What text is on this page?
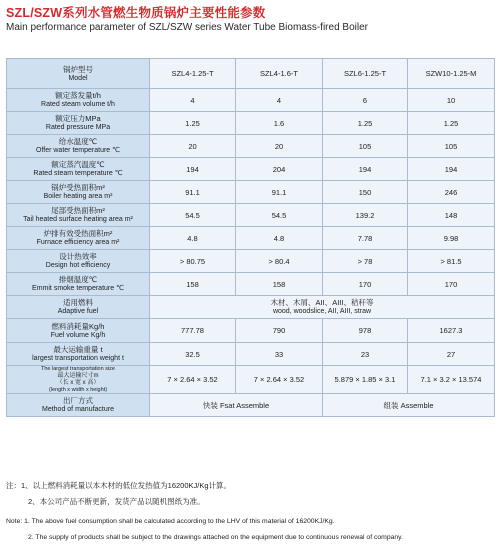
SZL/SZW系列水管燃生物质锅炉主要性能参数
Main performance parameter of SZL/SZW series Water Tube Biomass-fired Boiler
锅炉型号
Model	SZL4-1.25-T	SZL4-1.6-T	SZL6-1.25-T	SZW10-1.25-M

额定蒸发量t/h
Rated steam volume t/h	4	4	6	10

额定压力MPa
Rated pressure MPa	1.25	1.6	1.25	1.25

给水温度℃
Offer water temperature ℃	20	20	105	105

额定蒸汽温度℃
Rated steam temperature ℃	194	204	194	194

锅炉受热面积m²
Boiler heating area m²	91.1	91.1	150	246

尾部受热面积m²
Tail heated surface heating area m²	54.5	54.5	139.2	148

炉排有效受热面积m²
Furnace efficiency area m²	4.8	4.8	7.78	9.98

设计热效率
Design hot efficiency	> 80.75	> 80.4	> 78	> 81.5

排烟温度℃
Emmit smoke temperature ℃	158	158	170	170

适用燃料
Adaptive fuel	木材、木屑、AII、AIII、秸秆等
wood, woodslice, AII, AIII, straw			

燃料消耗量Kg/h
Fuel volume Kg/h	777.78	790	978	1627.3

最大运输重量 t
largest transportation weight t	32.5	33	23	27

The largest transportation size
最大运输尺寸m
（长 x 宽 x 高）
(length x width x height)	7 × 2.64 × 3.52	7 × 2.64 × 3.52	5.879 × 1.85 × 3.1	7.1 × 3.2 × 13.574

出厂方式
Method of manufacture	快装 Fsat Assemble		组装 Assemble	
注：1、以上燃料消耗量以本木材的低位发热值为16200KJ/Kg计算。
2、本公司产品不断更新，发货产品以随机图纸为准。
Note: 1. The above fuel consumption shall be calculated according to the LHV of this material of 16200KJ/Kg.
2. The supply of products shall be subject to the drawings attached on the equipment due to continuous renewal of company.
